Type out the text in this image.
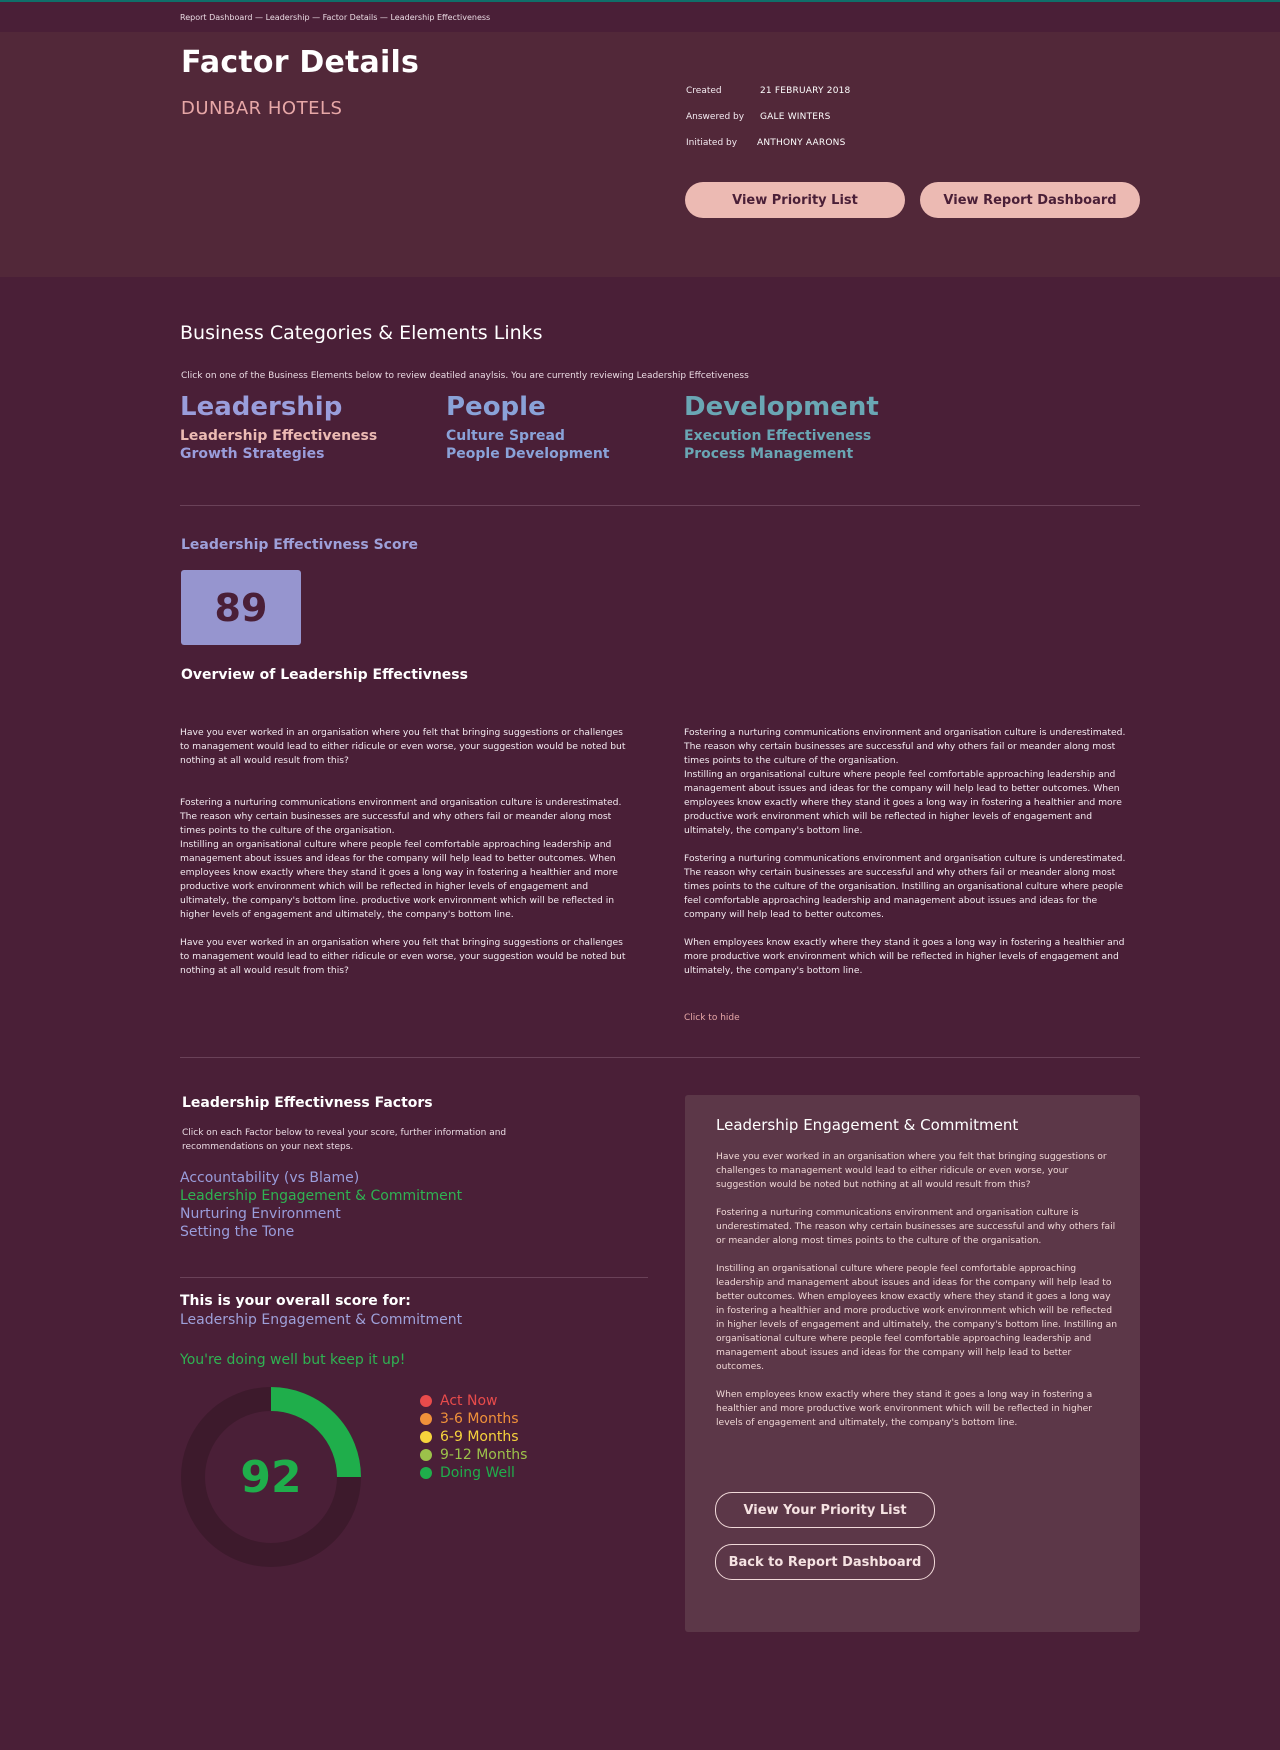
Report Dashboard — Leadership — Factor Details — Leadership Effectiveness
Factor Details
DUNBAR HOTELS
Created	21 FEBRUARY 2018
Answered by GALE WINTERS
Initiated by ANTHONY AARONS
View Priority List	View Report Dashboard
Business Categories & Elements Links
Click on one of the Business Elements below to review deatiled anaylsis. You are currently reviewing Leadership Effcetiveness
Leadership
Leadership Effectiveness
Growth Strategies
People
Culture Spread
People Development
Development
Execution Effectiveness
Process Management
Leadership Effectivness Score
89
Overview of Leadership Effectivness
Have you ever worked in an organisation where you felt that bringing suggestions or challenges to management would lead to either ridicule or even worse, your suggestion would be noted but nothing at all would result from this?
Fostering a nurturing communications environment and organisation culture is underestimated. The reason why certain businesses are successful and why others fail or meander along most times points to the culture of the organisation.
Instilling an organisational culture where people feel comfortable approaching leadership and management about issues and ideas for the company will help lead to better outcomes. When employees know exactly where they stand it goes a long way in fostering a healthier and more productive work environment which will be reflected in higher levels of engagement and ultimately, the company's bottom line. productive work environment which will be reflected in higher levels of engagement and ultimately, the company's bottom line.
Have you ever worked in an organisation where you felt that bringing suggestions or challenges to management would lead to either ridicule or even worse, your suggestion would be noted but nothing at all would result from this?
Fostering a nurturing communications environment and organisation culture is underestimated. The reason why certain businesses are successful and why others fail or meander along most times points to the culture of the organisation.
Instilling an organisational culture where people feel comfortable approaching leadership and management about issues and ideas for the company will help lead to better outcomes. When employees know exactly where they stand it goes a long way in fostering a healthier and more productive work environment which will be reflected in higher levels of engagement and ultimately, the company's bottom line.
Fostering a nurturing communications environment and organisation culture is underestimated. The reason why certain businesses are successful and why others fail or meander along most times points to the culture of the organisation. Instilling an organisational culture where people feel comfortable approaching leadership and management about issues and ideas for the company will help lead to better outcomes.
When employees know exactly where they stand it goes a long way in fostering a healthier and more productive work environment which will be reflected in higher levels of engagement and ultimately, the company's bottom line.
Click to hide
Leadership Effectivness Factors
Click on each Factor below to reveal your score, further information and recommendations on your next steps.
Accountability (vs Blame)
Leadership Engagement & Commitment
Nurturing Environment
Setting the Tone
This is your overall score for:
Leadership Engagement & Commitment
You're doing well but keep it up!
92
Act Now
3-6 Months
6-9 Months
9-12 Months
Doing Well
Leadership Engagement & Commitment
Have you ever worked in an organisation where you felt that bringing suggestions or challenges to management would lead to either ridicule or even worse, your suggestion would be noted but nothing at all would result from this?
Fostering a nurturing communications environment and organisation culture is underestimated. The reason why certain businesses are successful and why others fail or meander along most times points to the culture of the organisation.
Instilling an organisational culture where people feel comfortable approaching leadership and management about issues and ideas for the company will help lead to better outcomes. When employees know exactly where they stand it goes a long way in fostering a healthier and more productive work environment which will be reflected in higher levels of engagement and ultimately, the company's bottom line. Instilling an organisational culture where people feel comfortable approaching leadership and management about issues and ideas for the company will help lead to better outcomes.
When employees know exactly where they stand it goes a long way in fostering a healthier and more productive work environment which will be reflected in higher levels of engagement and ultimately, the company's bottom line.
View Your Priority List
Back to Report Dashboard
